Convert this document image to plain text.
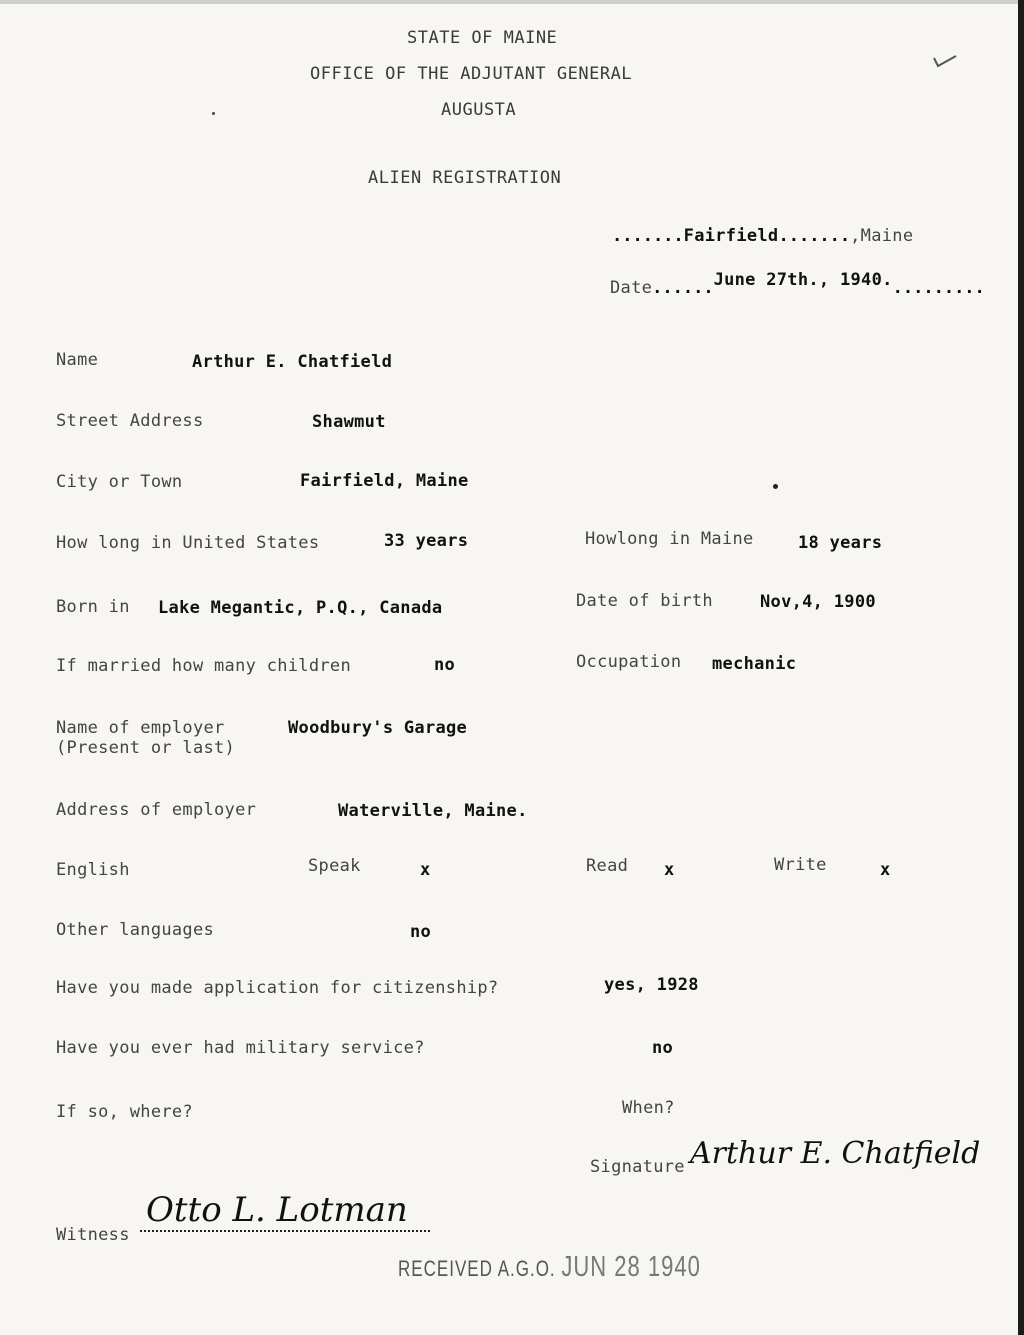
STATE OF MAINE
OFFICE OF THE ADJUTANT GENERAL
AUGUSTA
ALIEN REGISTRATION
.......Fairfield.......,Maine
Date......June 27th., 1940..........
Name	Arthur E. Chatfield
Street Address	Shawmut
City or Town	Fairfield, Maine
How long in United States	33 years	Howlong in Maine	18 years
Born in Lake Megantic, P.Q., Canada	Date of birth	Nov,4, 1900
If married how many children	no	Occupation mechanic
Name of employer
(Present or last)
Woodbury's Garage
Address of employer	Waterville, Maine.
English	Speak	x	Read x	Write	x
Other languages	no
Have you made application for citizenship?	yes, 1928
Have you ever had military service?	no
If so, where?	When?
Signature Arthur E. Chatfield
Witness
Otto L. Lotman
RECEIVED A.G.O. JUN 28 1940
